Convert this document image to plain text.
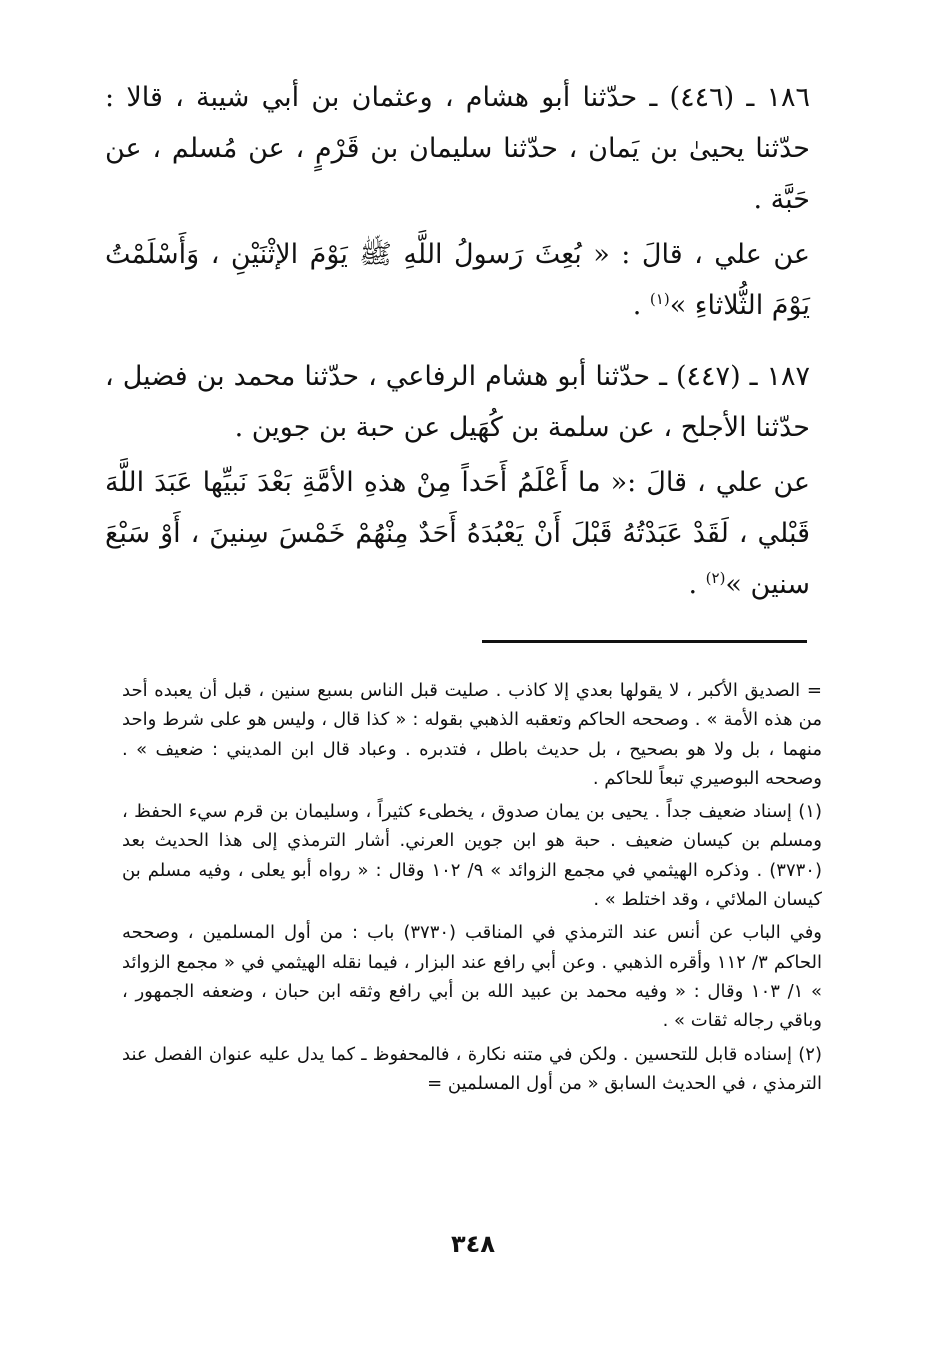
١٨٦ ـ (٤٤٦) ـ حدّثنا أبو هشام ، وعثمان بن أبي شيبة ، قالا : حدّثنا يحيىٰ بن يَمان ، حدّثنا سليمان بن قَرْمٍ ، عن مُسلم ، عن حَبَّة .

عن علي ، قالَ : « بُعِثَ رَسولُ اللَّهِ ﷺ يَوْمَ الإثْنَيْنِ ، وَأَسْلَمْتُ يَوْمَ الثُّلاثاءِ »$^{(١)}$ .

١٨٧ ـ (٤٤٧) ـ حدّثنا أبو هشام الرفاعي ، حدّثنا محمد بن فضيل ، حدّثنا الأجلح ، عن سلمة بن كُهَيل عن حبة بن جوين .

عن علي ، قالَ :« ما أَعْلَمُ أَحَداً مِنْ هذهِ الأمَّةِ بَعْدَ نَبيِّها عَبَدَ اللَّهَ قَبْلي ، لَقَدْ عَبَدْتُهُ قَبْلَ أَنْ يَعْبُدَهُ أَحَدٌ مِنْهُمْ خَمْسَ سِنينَ ، أَوْ سَبْعَ سنين »$^{(٢)}$ .

= الصديق الأكبر ، لا يقولها بعدي إلا كاذب . صليت قبل الناس بسبع سنين ، قبل أن يعبده أحد من هذه الأمة » . وصححه الحاكم وتعقبه الذهبي بقوله : « كذا قال ، وليس هو على شرط واحد منهما ، بل ولا هو بصحيح ، بل حديث باطل ، فتدبره . وعباد قال ابن المديني : ضعيف » . وصححه البوصيري تبعاً للحاكم .

(١) إسناد ضعيف جداً . يحيى بن يمان صدوق ، يخطىء كثيراً ، وسليمان بن قرم سيء الحفظ ، ومسلم بن كيسان ضعيف . حبة هو ابن جوين العرني. أشار الترمذي إلى هذا الحديث بعد (٣٧٣٠) . وذكره الهيثمي في مجمع الزوائد » ٩/ ١٠٢ وقال : « رواه أبو يعلى ، وفيه مسلم بن كيسان الملائي ، وقد اختلط » .

وفي الباب عن أنس عند الترمذي في المناقب (٣٧٣٠) باب : من أول المسلمين ، وصححه الحاكم ٣/ ١١٢ وأقره الذهبي . وعن أبي رافع عند البزار ، فيما نقله الهيثمي في « مجمع الزوائد » ١/ ١٠٣ وقال : « وفيه محمد بن عبيد الله بن أبي رافع وثقه ابن حبان ، وضعفه الجمهور ، وباقي رجاله ثقات » .

(٢) إسناده قابل للتحسين . ولكن في متنه نكارة ، فالمحفوظ ـ كما يدل عليه عنوان الفصل عند الترمذي ، في الحديث السابق « من أول المسلمين =

٣٤٨
